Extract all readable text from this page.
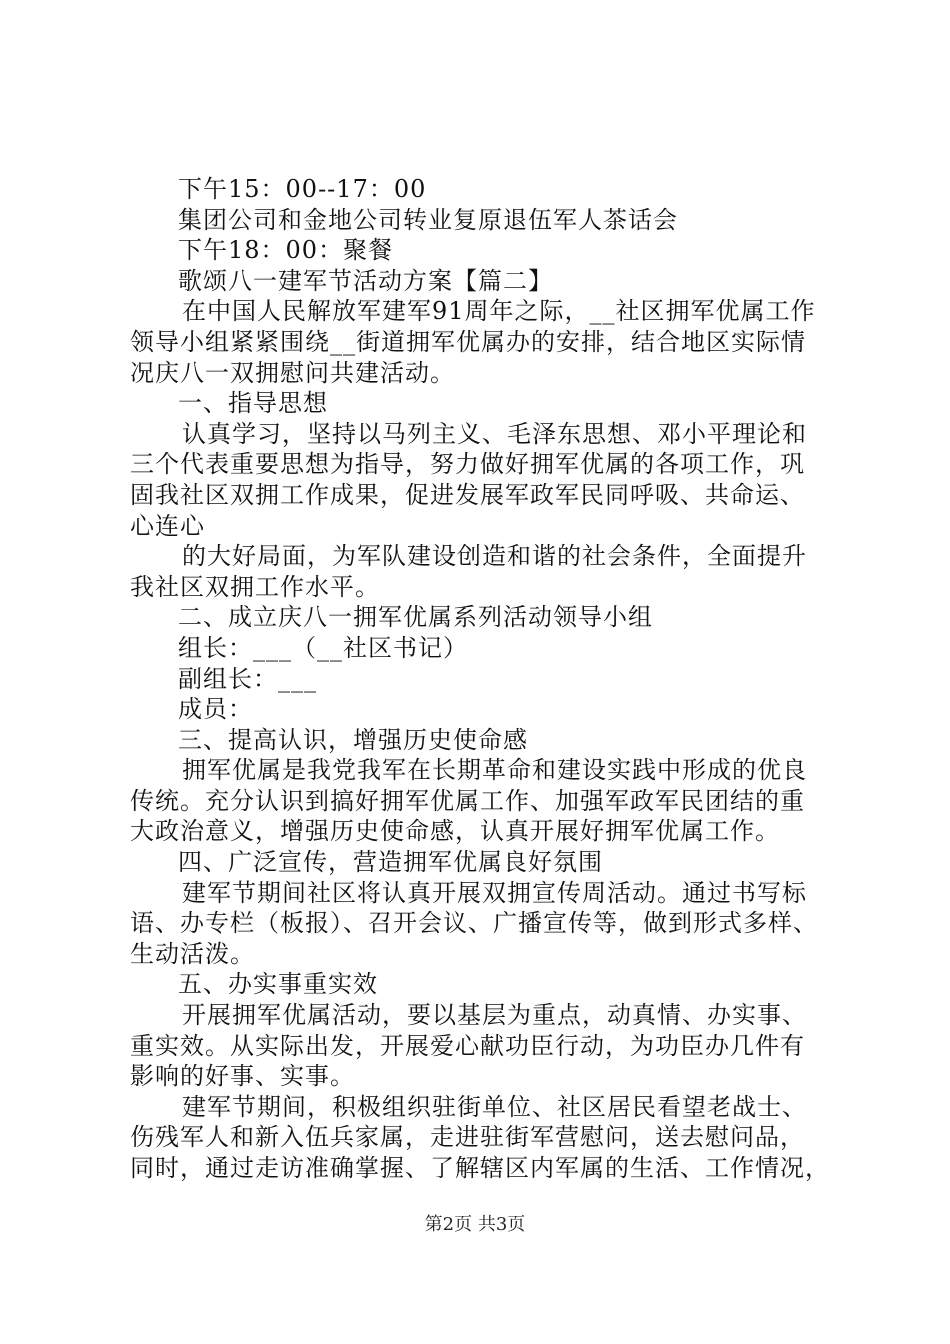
下午15：00--17：00
集团公司和金地公司转业复原退伍军人茶话会
下午18：00：聚餐
歌颂八一建军节活动方案【篇二】
在中国人民解放军建军91周年之际，__社区拥军优属工作
领导小组紧紧围绕__街道拥军优属办的安排，结合地区实际情
况庆八一双拥慰问共建活动。
一、指导思想
认真学习，坚持以马列主义、毛泽东思想、邓小平理论和
三个代表重要思想为指导，努力做好拥军优属的各项工作，巩
固我社区双拥工作成果，促进发展军政军民同呼吸、共命运、
心连心
的大好局面，为军队建设创造和谐的社会条件，全面提升
我社区双拥工作水平。
二、成立庆八一拥军优属系列活动领导小组
组长：___（__社区书记）
副组长：___
成员：
三、提高认识，增强历史使命感
拥军优属是我党我军在长期革命和建设实践中形成的优良
传统。充分认识到搞好拥军优属工作、加强军政军民团结的重
大政治意义，增强历史使命感，认真开展好拥军优属工作。
四、广泛宣传，营造拥军优属良好氛围
建军节期间社区将认真开展双拥宣传周活动。通过书写标
语、办专栏（板报）、召开会议、广播宣传等，做到形式多样、
生动活泼。
五、办实事重实效
开展拥军优属活动，要以基层为重点，动真情、办实事、
重实效。从实际出发，开展爱心献功臣行动，为功臣办几件有
影响的好事、实事。
建军节期间，积极组织驻街单位、社区居民看望老战士、
伤残军人和新入伍兵家属，走进驻街军营慰问，送去慰问品，
同时，通过走访准确掌握、了解辖区内军属的生活、工作情况，
第2页 共3页
